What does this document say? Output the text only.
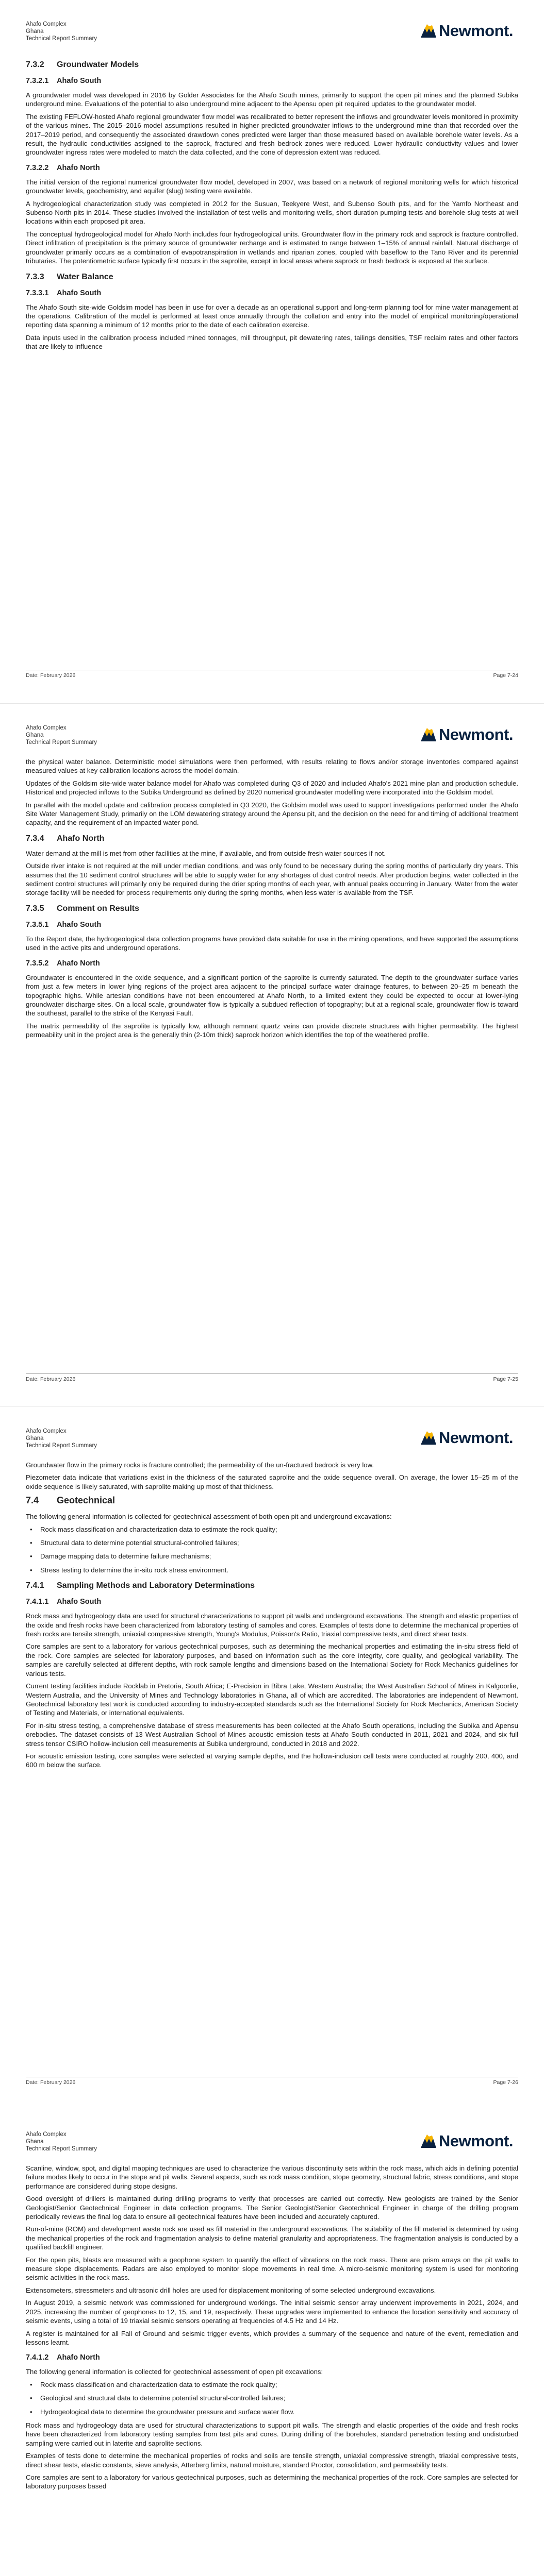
Ahafo Complex
Ghana
Technical Report Summary	Newmont.
7.3.2 Groundwater Models
7.3.2.1 Ahafo South

A groundwater model was developed in 2016 by Golder Associates for the Ahafo South mines, primarily to support the open pit mines and the planned Subika underground mine. Evaluations of the potential to also underground mine adjacent to the Apensu open pit required updates to the groundwater model.

The existing FEFLOW-hosted Ahafo regional groundwater flow model was recalibrated to better represent the inflows and groundwater levels monitored in proximity of the various mines. The 2015–2016 model assumptions resulted in higher predicted groundwater inflows to the underground mine than that recorded over the 2017–2019 period, and consequently the associated drawdown cones predicted were larger than those measured based on available borehole water levels. As a result, the hydraulic conductivities assigned to the saprock, fractured and fresh bedrock zones were reduced. Lower hydraulic conductivity values and lower groundwater ingress rates were modeled to match the data collected, and the cone of depression extent was reduced.

7.3.2.2 Ahafo North

The initial version of the regional numerical groundwater flow model, developed in 2007, was based on a network of regional monitoring wells for which historical groundwater levels, geochemistry, and aquifer (slug) testing were available.

A hydrogeological characterization study was completed in 2012 for the Susuan, Teekyere West, and Subenso South pits, and for the Yamfo Northeast and Subenso North pits in 2014. These studies involved the installation of test wells and monitoring wells, short-duration pumping tests and borehole slug tests at well locations within each proposed pit area.

The conceptual hydrogeological model for Ahafo North includes four hydrogeological units. Groundwater flow in the primary rock and saprock is fracture controlled. Direct infiltration of precipitation is the primary source of groundwater recharge and is estimated to range between 1–15% of annual rainfall. Natural discharge of groundwater primarily occurs as a combination of evapotranspiration in wetlands and riparian zones, coupled with baseflow to the Tano River and its perennial tributaries. The potentiometric surface typically first occurs in the saprolite, except in local areas where saprock or fresh bedrock is exposed at the surface.

7.3.3 Water Balance
7.3.3.1 Ahafo South

The Ahafo South site-wide Goldsim model has been in use for over a decade as an operational support and long-term planning tool for mine water management at the operations. Calibration of the model is performed at least once annually through the collation and entry into the model of empirical monitoring/operational reporting data spanning a minimum of 12 months prior to the date of each calibration exercise.

Data inputs used in the calibration process included mined tonnages, mill throughput, pit dewatering rates, tailings densities, TSF reclaim rates and other factors that are likely to influence

Date: February 2026	Page 7-24
Ahafo Complex
Ghana
Technical Report Summary	Newmont.

the physical water balance. Deterministic model simulations were then performed, with results relating to flows and/or storage inventories compared against measured values at key calibration locations across the model domain.

Updates of the Goldsim site-wide water balance model for Ahafo was completed during Q3 of 2020 and included Ahafo's 2021 mine plan and production schedule. Historical and projected inflows to the Subika Underground as defined by 2020 numerical groundwater modelling were incorporated into the Goldsim model.

In parallel with the model update and calibration process completed in Q3 2020, the Goldsim model was used to support investigations performed under the Ahafo Site Water Management Study, primarily on the LOM dewatering strategy around the Apensu pit, and the decision on the need for and timing of additional treatment capacity, and the requirement of an impacted water pond.

7.3.4 Ahafo North

Water demand at the mill is met from other facilities at the mine, if available, and from outside fresh water sources if not.

Outside river intake is not required at the mill under median conditions, and was only found to be necessary during the spring months of particularly dry years. This assumes that the 10 sediment control structures will be able to supply water for any shortages of dust control needs. After production begins, water collected in the sediment control structures will primarily only be required during the drier spring months of each year, with annual peaks occurring in January. Water from the water storage facility will be needed for process requirements only during the spring months, when less water is available from the TSF.

7.3.5 Comment on Results
7.3.5.1 Ahafo South

To the Report date, the hydrogeological data collection programs have provided data suitable for use in the mining operations, and have supported the assumptions used in the active pits and underground operations.

7.3.5.2 Ahafo North

Groundwater is encountered in the oxide sequence, and a significant portion of the saprolite is currently saturated. The depth to the groundwater surface varies from just a few meters in lower lying regions of the project area adjacent to the principal surface water drainage features, to between 20–25 m beneath the topographic highs. While artesian conditions have not been encountered at Ahafo North, to a limited extent they could be expected to occur at lower-lying groundwater discharge sites. On a local scale, groundwater flow is typically a subdued reflection of topography; but at a regional scale, groundwater flow is toward the southeast, parallel to the strike of the Kenyasi Fault.

The matrix permeability of the saprolite is typically low, although remnant quartz veins can provide discrete structures with higher permeability. The highest permeability unit in the project area is the generally thin (2-10m thick) saprock horizon which identifies the top of the weathered profile.

Date: February 2026	Page 7-25
Ahafo Complex
Ghana
Technical Report Summary	Newmont.

Groundwater flow in the primary rocks is fracture controlled; the permeability of the un-fractured bedrock is very low.

Piezometer data indicate that variations exist in the thickness of the saturated saprolite and the oxide sequence overall. On average, the lower 15–25 m of the oxide sequence is likely saturated, with saprolite making up most of that thickness.

7.4 Geotechnical

The following general information is collected for geotechnical assessment of both open pit and underground excavations:

• Rock mass classification and characterization data to estimate the rock quality;
• Structural data to determine potential structural-controlled failures;
• Damage mapping data to determine failure mechanisms;
• Stress testing to determine the in-situ rock stress environment.
7.4.1 Sampling Methods and Laboratory Determinations
7.4.1.1 Ahafo South

Rock mass and hydrogeology data are used for structural characterizations to support pit walls and underground excavations. The strength and elastic properties of the oxide and fresh rocks have been characterized from laboratory testing of samples and cores. Examples of tests done to determine the mechanical properties of fresh rocks are tensile strength, uniaxial compressive strength, Young's Modulus, Poisson's Ratio, triaxial compressive tests, and direct shear tests.

Core samples are sent to a laboratory for various geotechnical purposes, such as determining the mechanical properties and estimating the in-situ stress field of the rock. Core samples are selected for laboratory purposes, and based on information such as the core integrity, core quality, and geological variability. The samples are carefully selected at different depths, with rock sample lengths and dimensions based on the International Society for Rock Mechanics guidelines for various tests.

Current testing facilities include Rocklab in Pretoria, South Africa; E-Precision in Bibra Lake, Western Australia; the West Australian School of Mines in Kalgoorlie, Western Australia, and the University of Mines and Technology laboratories in Ghana, all of which are accredited. The laboratories are independent of Newmont. Geotechnical laboratory test work is conducted according to industry-accepted standards such as the International Society for Rock Mechanics, American Society of Testing and Materials, or international equivalents.

For in-situ stress testing, a comprehensive database of stress measurements has been collected at the Ahafo South operations, including the Subika and Apensu orebodies. The dataset consists of 13 West Australian School of Mines acoustic emission tests at Ahafo South conducted in 2011, 2021 and 2024, and six full stress tensor CSIRO hollow-inclusion cell measurements at Subika underground, conducted in 2018 and 2022.

For acoustic emission testing, core samples were selected at varying sample depths, and the hollow-inclusion cell tests were conducted at roughly 200, 400, and 600 m below the surface.

Date: February 2026	Page 7-26
Ahafo Complex
Ghana
Technical Report Summary	Newmont.

Scanline, window, spot, and digital mapping techniques are used to characterize the various discontinuity sets within the rock mass, which aids in defining potential failure modes likely to occur in the stope and pit walls. Several aspects, such as rock mass condition, stope geometry, structural fabric, stress conditions, and stope performance are considered during stope designs.

Good oversight of drillers is maintained during drilling programs to verify that processes are carried out correctly. New geologists are trained by the Senior Geologist/Senior Geotechnical Engineer in data collection programs. The Senior Geologist/Senior Geotechnical Engineer in charge of the drilling program periodically reviews the final log data to ensure all geotechnical features have been included and accurately captured.

Run-of-mine (ROM) and development waste rock are used as fill material in the underground excavations. The suitability of the fill material is determined by using the mechanical properties of the rock and fragmentation analysis to define material granularity and appropriateness. The fragmentation analysis is conducted by a qualified backfill engineer.

For the open pits, blasts are measured with a geophone system to quantify the effect of vibrations on the rock mass. There are prism arrays on the pit walls to measure slope displacements. Radars are also employed to monitor slope movements in real time. A micro-seismic monitoring system is used for monitoring seismic activities in the rock mass.

Extensometers, stressmeters and ultrasonic drill holes are used for displacement monitoring of some selected underground excavations.

In August 2019, a seismic network was commissioned for underground workings. The initial seismic sensor array underwent improvements in 2021, 2024, and 2025, increasing the number of geophones to 12, 15, and 19, respectively. These upgrades were implemented to enhance the location sensitivity and accuracy of seismic events, using a total of 19 triaxial seismic sensors operating at frequencies of 4.5 Hz and 14 Hz.

A register is maintained for all Fall of Ground and seismic trigger events, which provides a summary of the sequence and nature of the event, remediation and lessons learnt.

7.4.1.2 Ahafo North

The following general information is collected for geotechnical assessment of open pit excavations:

• Rock mass classification and characterization data to estimate the rock quality;
• Geological and structural data to determine potential structural-controlled failures;
• Hydrogeological data to determine the groundwater pressure and surface water flow.

Rock mass and hydrogeology data are used for structural characterizations to support pit walls. The strength and elastic properties of the oxide and fresh rocks have been characterized from laboratory testing samples from test pits and cores. During drilling of the boreholes, standard penetration testing and undisturbed sampling were carried out in laterite and saprolite sections.

Examples of tests done to determine the mechanical properties of rocks and soils are tensile strength, uniaxial compressive strength, triaxial compressive tests, direct shear tests, elastic constants, sieve analysis, Atterberg limits, natural moisture, standard Proctor, consolidation, and permeability tests.

Core samples are sent to a laboratory for various geotechnical purposes, such as determining the mechanical properties of the rock. Core samples are selected for laboratory purposes based
